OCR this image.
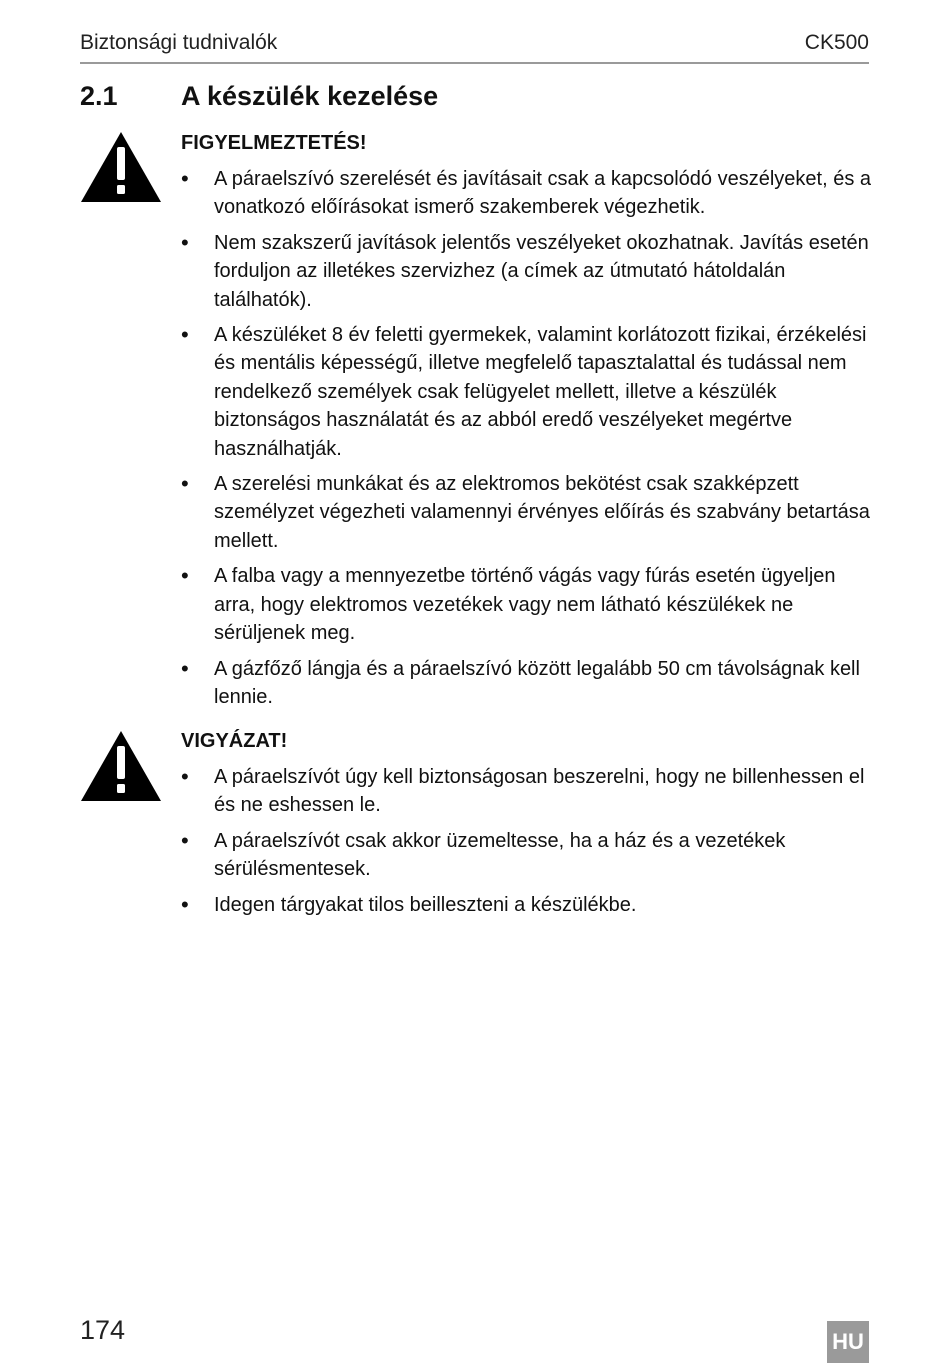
Biztonsági tudnivalók	CK500
2.1 A készülék kezelése
FIGYELMEZTETÉS!
• A páraelszívó szerelését és javításait csak a kapcsolódó veszélyeket, és a vonatkozó előírásokat ismerő szakemberek végezhetik.
• Nem szakszerű javítások jelentős veszélyeket okozhatnak. Javítás esetén forduljon az illetékes szervizhez (a címek az útmutató hátoldalán találhatók).
• A készüléket 8 év feletti gyermekek, valamint korlátozott fizikai, érzékelési és mentális képességű, illetve megfelelő tapasztalattal és tudással nem rendelkező személyek csak felügyelet mellett, illetve a készülék biztonságos használatát és az abból eredő veszélyeket megértve használhatják.
• A szerelési munkákat és az elektromos bekötést csak szakképzett személyzet végezheti valamennyi érvényes előírás és szabvány betartása mellett.
• A falba vagy a mennyezetbe történő vágás vagy fúrás esetén ügyeljen arra, hogy elektromos vezetékek vagy nem látható készülékek ne sérüljenek meg.
• A gázfőző lángja és a páraelszívó között legalább 50 cm távolságnak kell lennie.
VIGYÁZAT!
• A páraelszívót úgy kell biztonságosan beszerelni, hogy ne billenhessen el és ne eshessen le.
• A páraelszívót csak akkor üzemeltesse, ha a ház és a vezetékek sérülésmentesek.
• Idegen tárgyakat tilos beilleszteni a készülékbe.
174	HU
